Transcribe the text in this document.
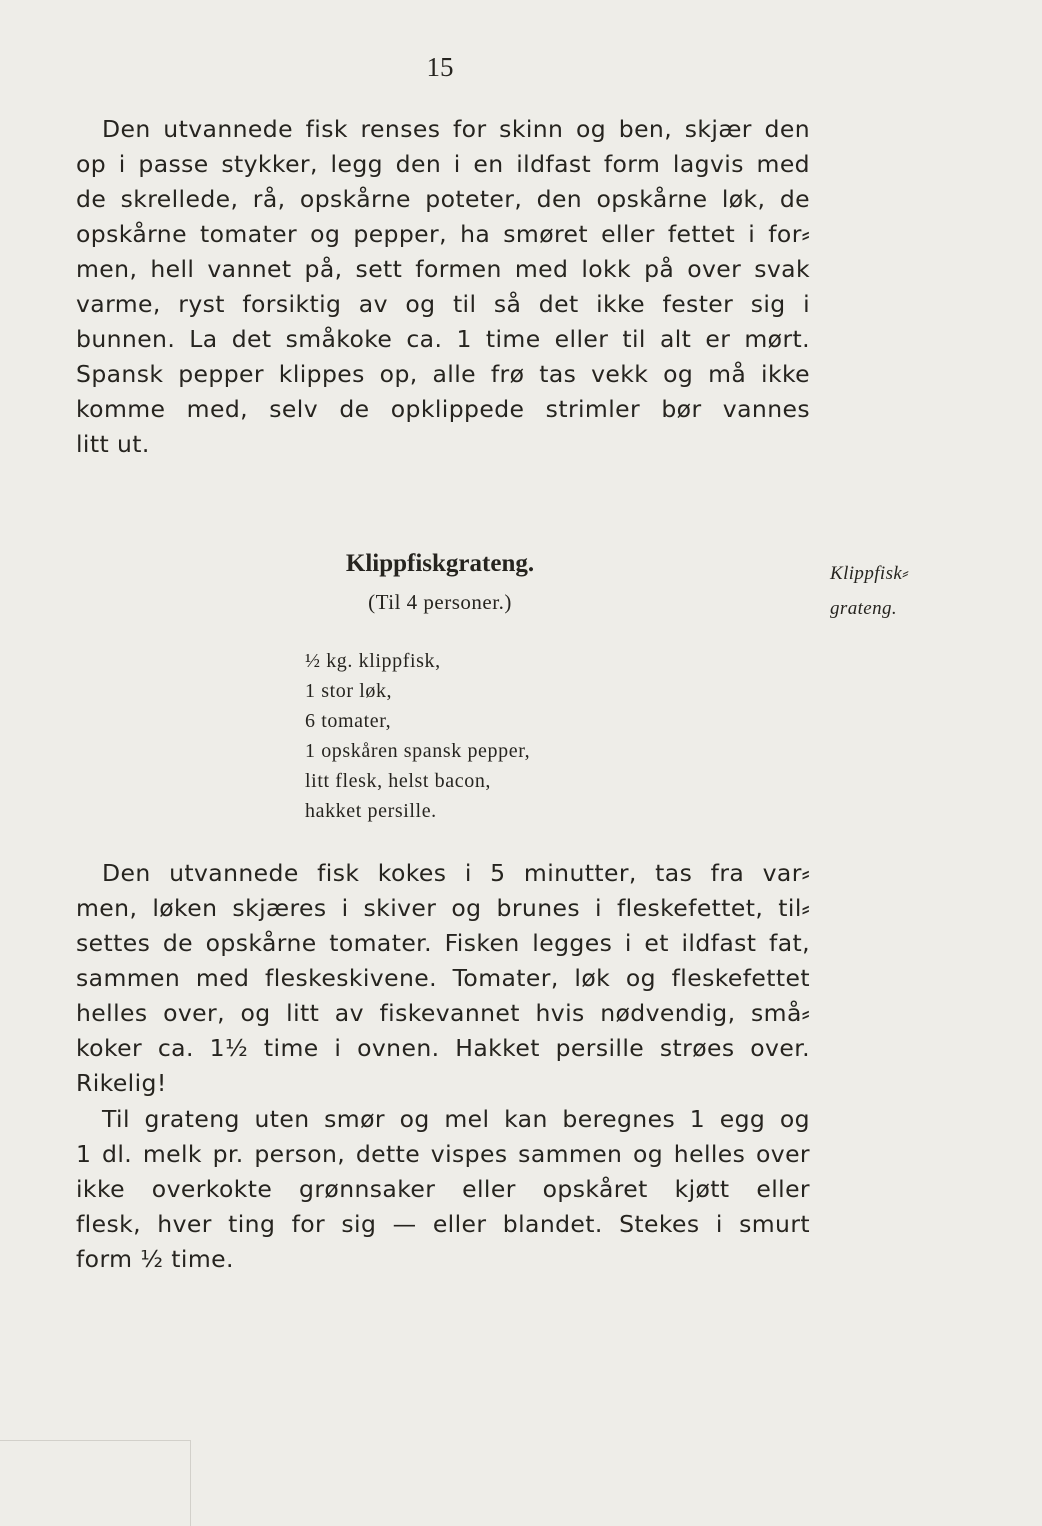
15
Den utvannede fisk renses for skinn og ben, skjær den
op i passe stykker, legg den i en ildfast form lagvis med
de skrellede, rå, opskårne poteter, den opskårne løk, de
opskårne tomater og pepper, ha smøret eller fettet i for⸗
men, hell vannet på, sett formen med lokk på over svak
varme, ryst forsiktig av og til så det ikke fester sig i
bunnen. La det småkoke ca. 1 time eller til alt er mørt.
Spansk pepper klippes op, alle frø tas vekk og må ikke
komme med, selv de opklippede strimler bør vannes
litt ut.
Klippfiskgrateng.
(Til 4 personer.)
½ kg. klippfisk,
1 stor løk,
6 tomater,
1 opskåren spansk pepper,
litt flesk, helst bacon,
hakket persille.
Klippfisk⸗
grateng.
Den utvannede fisk kokes i 5 minutter, tas fra var⸗
men, løken skjæres i skiver og brunes i fleskefettet, til⸗
settes de opskårne tomater. Fisken legges i et ildfast fat,
sammen med fleskeskivene. Tomater, løk og fleskefettet
helles over, og litt av fiskevannet hvis nødvendig, små⸗
koker ca. 1½ time i ovnen. Hakket persille strøes over.
Rikelig!
Til grateng uten smør og mel kan beregnes 1 egg og
1 dl. melk pr. person, dette vispes sammen og helles over
ikke overkokte grønnsaker eller opskåret kjøtt eller
flesk, hver ting for sig — eller blandet. Stekes i smurt
form ½ time.
